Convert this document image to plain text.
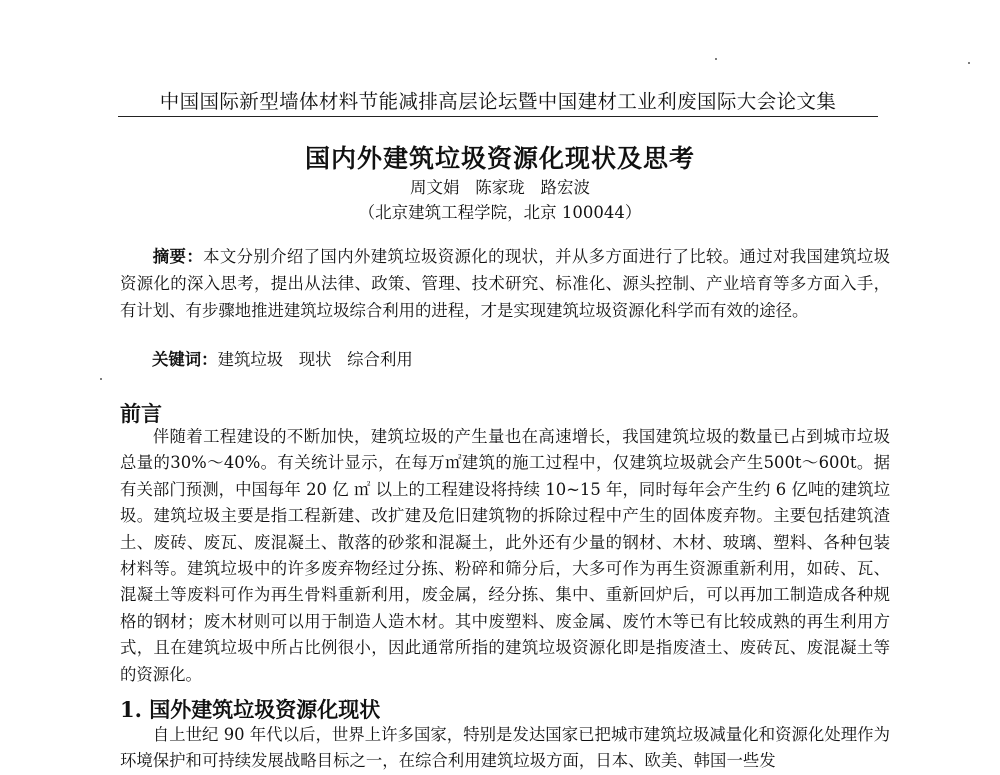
中国国际新型墙体材料节能减排高层论坛暨中国建材工业利废国际大会论文集
国内外建筑垃圾资源化现状及思考
周文娟   陈家珑   路宏波
（北京建筑工程学院，北京 100044）

摘要：本文分别介绍了国内外建筑垃圾资源化的现状，并从多方面进行了比较。通过对我国建筑垃圾资源化的深入思考，提出从法律、政策、管理、技术研究、标准化、源头控制、产业培育等多方面入手，有计划、有步骤地推进建筑垃圾综合利用的进程，才是实现建筑垃圾资源化科学而有效的途径。

关键词：建筑垃圾   现状   综合利用
前言

伴随着工程建设的不断加快，建筑垃圾的产生量也在高速增长，我国建筑垃圾的数量已占到城市垃圾总量的30%～40%。有关统计显示，在每万㎡建筑的施工过程中，仅建筑垃圾就会产生500t～600t。据有关部门预测，中国每年 20 亿 ㎡ 以上的工程建设将持续 10~15 年，同时每年会产生约 6 亿吨的建筑垃圾。建筑垃圾主要是指工程新建、改扩建及危旧建筑物的拆除过程中产生的固体废弃物。主要包括建筑渣土、废砖、废瓦、废混凝土、散落的砂浆和混凝土，此外还有少量的钢材、木材、玻璃、塑料、各种包装材料等。建筑垃圾中的许多废弃物经过分拣、粉碎和筛分后，大多可作为再生资源重新利用，如砖、瓦、混凝土等废料可作为再生骨料重新利用，废金属，经分拣、集中、重新回炉后，可以再加工制造成各种规格的钢材；废木材则可以用于制造人造木材。其中废塑料、废金属、废竹木等已有比较成熟的再生利用方式，且在建筑垃圾中所占比例很小，因此通常所指的建筑垃圾资源化即是指废渣土、废砖瓦、废混凝土等的资源化。

1. 国外建筑垃圾资源化现状

自上世纪 90 年代以后，世界上许多国家，特别是发达国家已把城市建筑垃圾减量化和资源化处理作为环境保护和可持续发展战略目标之一，在综合利用建筑垃圾方面，日本、欧美、韩国一些发
